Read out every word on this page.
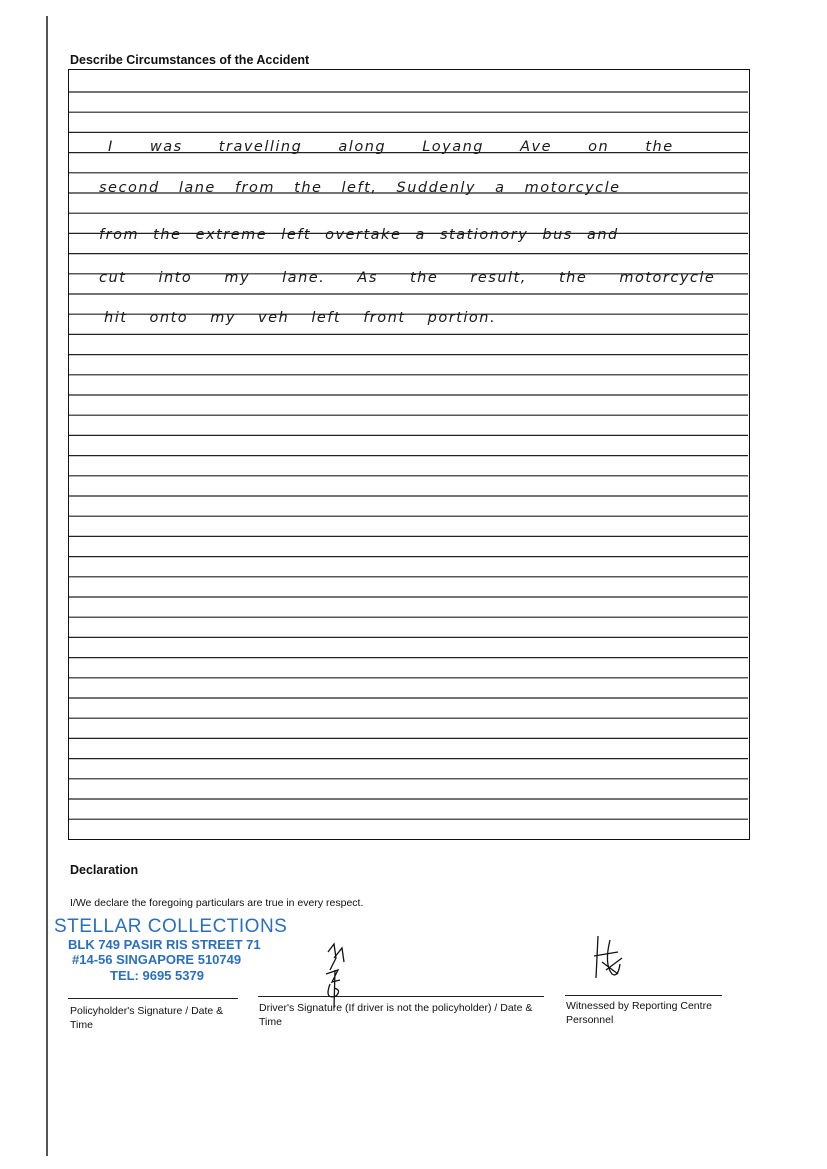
Describe Circumstances of the Accident
I was travelling along Loyang Ave on the
second lane from the left, Suddenly a motorcycle
from the extreme left overtake a stationory bus and
cut into my lane. As the result, the motorcycle
hit onto my veh left front portion.
Declaration
I/We declare the foregoing particulars are true in every respect.
STELLAR COLLECTIONS
BLK 749 PASIR RIS STREET 71
#14-56 SINGAPORE 510749
TEL: 9695 5379
Policyholder's Signature / Date & Time
Driver's Signature (If driver is not the policyholder) / Date & Time
Witnessed by Reporting Centre Personnel
